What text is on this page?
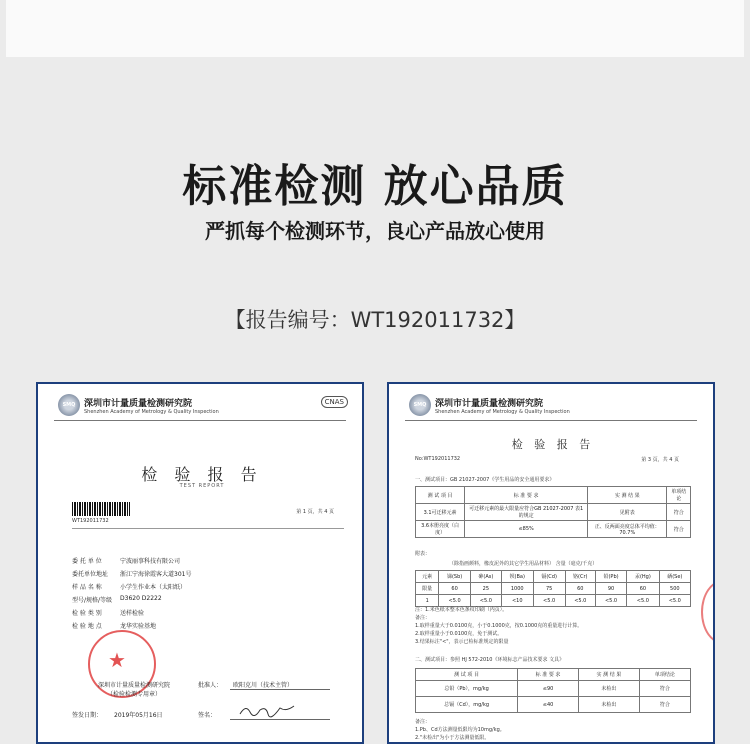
标准检测 放心品质
严抓每个检测环节，良心产品放心使用
【报告编号：WT192011732】
SMQ 深圳市计量质量检测研究院
Shenzhen Academy of Metrology & Quality Inspection
CNAS
检 验 报 告
TEST REPORT
WT192011732
第 1 页，共 4 页
委 托 单 位	宁波丽事科技有限公司
委托单位地址	浙江宁海徐霞客大道301号
样 品 名 称	小学生作业本（太阳纸）
型号/规格/等级	D3620 D2222
检 验 类 别	送样检验
检 验 地 点	龙华实验基地
★
深圳市计量质量检测研究院
（检验检测专用章）
批准人： 欧阳克川（技术主管）
签发日期： 2019年05月16日	签名：
SMQ 深圳市计量质量检测研究院
Shenzhen Academy of Metrology & Quality Inspection
检 验 报 告
No:WT192011732	第 3 页，共 4 页
一、测试项目：GB 21027-2007《学生用品的安全通用要求》
测 试 项 目	标 准 要 求	实 测 结 果	单项结论
3.1可迁移元素	可迁移元素的最大限量应符合GB 21027-2007 表1的规定	见附表	符合
3.6本册亮度（白度）	≤85%	正、反两面亮度总体平均值：70.7%	符合
附表：
（除指画颜料，橡皮泥外的其它学生用品材料） 含量（毫克/千克）
元素	锑(Sb)	砷(As)	钡(Ba)	镉(Cd)	铬(Cr)	铅(Pb)	汞(Hg)	硒(Se)
限量	60	25	1000	75	60	90	60	500
1	<5.0	<5.0	<10	<5.0	<5.0	<5.0	<5.0	<5.0
注：1.米色纸本整本色条纹印刷（内页）。
备注：
1.取样重量大于0.0100克，小于0.1000克，按0.1000克的重量进行计算。
2.取样重量小于0.0100克，免于测试。
3.结果标注"<"，表示已检标准规定的限量
二、测试项目：参照 HJ 572-2010《环境标志产品技术要求 文具》
测 试 项 目	标 准 要 求	实 测 结 果	单项结论
总铅（Pb），mg/kg	≤90	未检出	符合
总镉（Cd），mg/kg	≤40	未检出	符合
备注：
1.Pb、Cd方法测量低限均为10mg/kg。
2."未检出"为小于方法测量低限。
